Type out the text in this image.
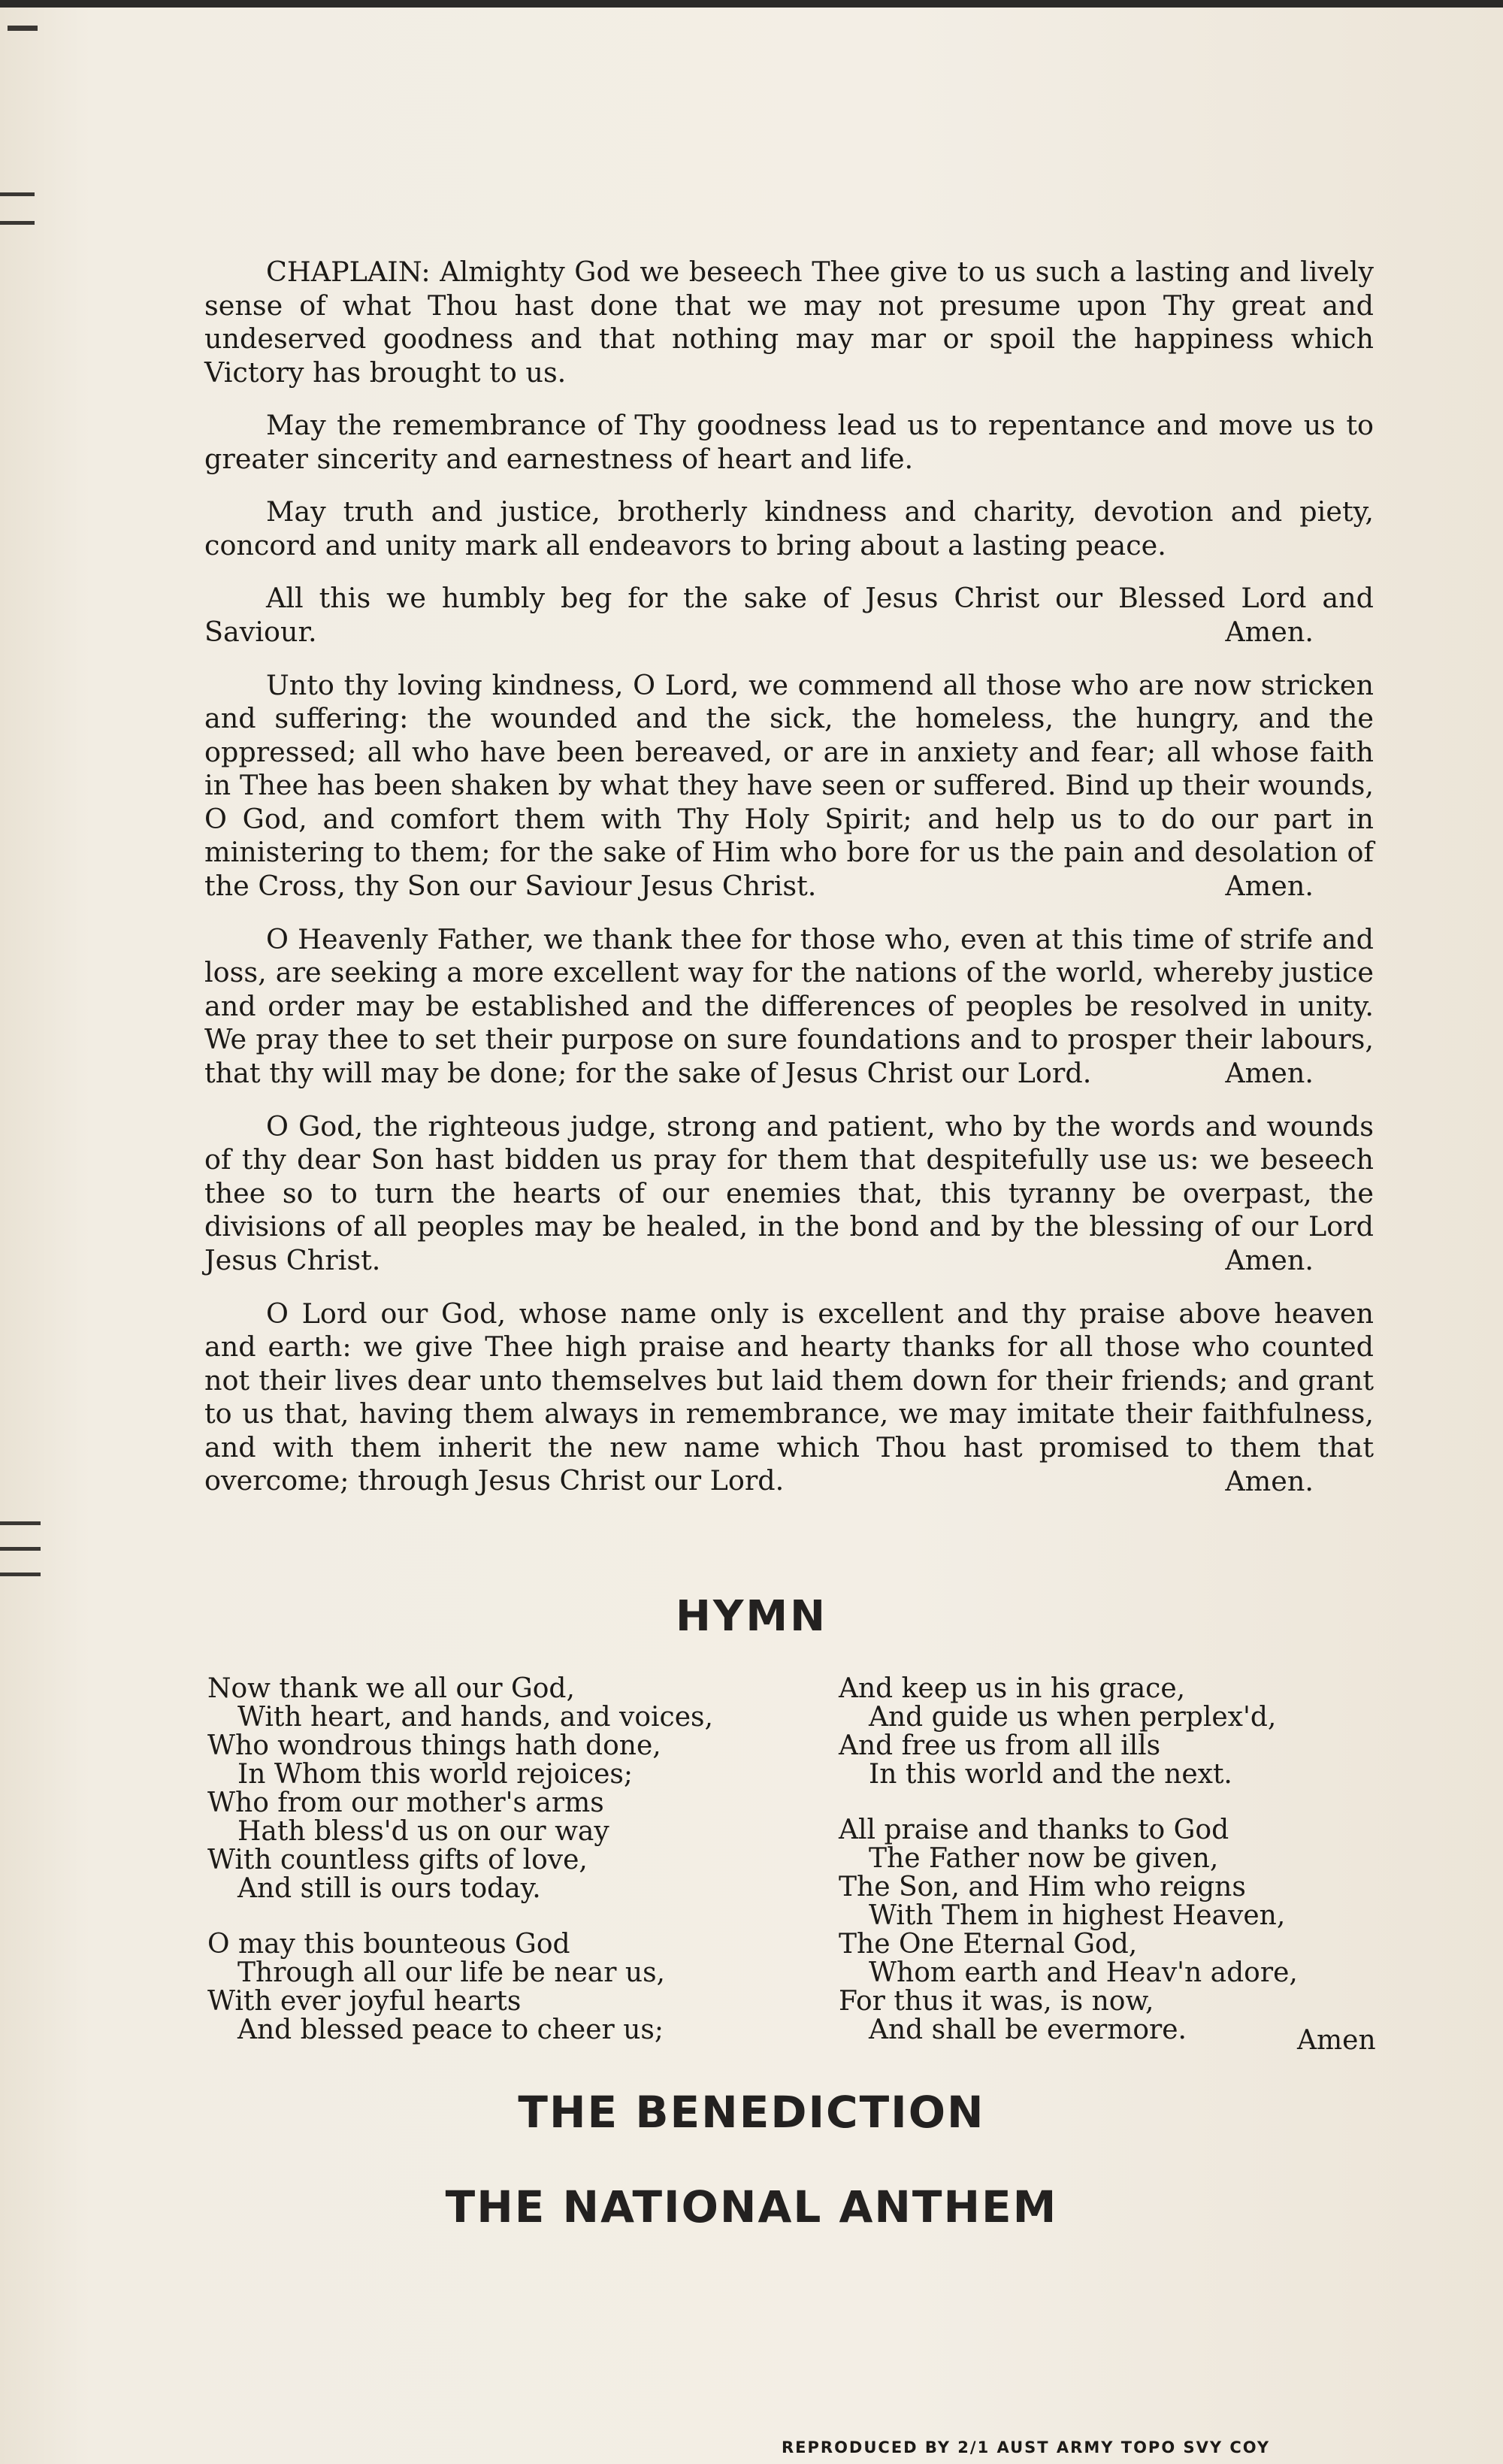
CHAPLAIN: Almighty God we beseech Thee give to us such a lasting and lively sense of what Thou hast done that we may not presume upon Thy great and undeserved goodness and that nothing may mar or spoil the happiness which Victory has brought to us.

May the remembrance of Thy goodness lead us to repentance and move us to greater sincerity and earnestness of heart and life.

May truth and justice, brotherly kindness and charity, devotion and piety, concord and unity mark all endeavors to bring about a lasting peace.

All this we humbly beg for the sake of Jesus Christ our Blessed Lord and Saviour.	Amen.

Unto thy loving kindness, O Lord, we commend all those who are now stricken and suffering: the wounded and the sick, the homeless, the hungry, and the oppressed; all who have been bereaved, or are in anxiety and fear; all whose faith in Thee has been shaken by what they have seen or suffered. Bind up their wounds, O God, and comfort them with Thy Holy Spirit; and help us to do our part in ministering to them; for the sake of Him who bore for us the pain and desolation of the Cross, thy Son our Saviour Jesus Christ.	Amen.

O Heavenly Father, we thank thee for those who, even at this time of strife and loss, are seeking a more excellent way for the nations of the world, whereby justice and order may be established and the differences of peoples be resolved in unity. We pray thee to set their purpose on sure foundations and to prosper their labours, that thy will may be done; for the sake of Jesus Christ our Lord.	Amen.

O God, the righteous judge, strong and patient, who by the words and wounds of thy dear Son hast bidden us pray for them that despitefully use us: we beseech thee so to turn the hearts of our enemies that, this tyranny be overpast, the divisions of all peoples may be healed, in the bond and by the blessing of our Lord Jesus Christ.	Amen.

O Lord our God, whose name only is excellent and thy praise above heaven and earth: we give Thee high praise and hearty thanks for all those who counted not their lives dear unto themselves but laid them down for their friends; and grant to us that, having them always in remembrance, we may imitate their faithfulness, and with them inherit the new name which Thou hast promised to them that overcome; through Jesus Christ our Lord.	Amen.

HYMN
Now thank we all our God,
With heart, and hands, and voices,
Who wondrous things hath done,
In Whom this world rejoices;
Who from our mother's arms
Hath bless'd us on our way
With countless gifts of love,
And still is ours today.
O may this bounteous God
Through all our life be near us,
With ever joyful hearts
And blessed peace to cheer us;
And keep us in his grace,
And guide us when perplex'd,
And free us from all ills
In this world and the next.
All praise and thanks to God
The Father now be given,
The Son, and Him who reigns
With Them in highest Heaven,
The One Eternal God,
Whom earth and Heav'n adore,
For thus it was, is now,
And shall be evermore.	Amen
THE BENEDICTION
THE NATIONAL ANTHEM
REPRODUCED BY 2/1 AUST ARMY TOPO SVY COY
